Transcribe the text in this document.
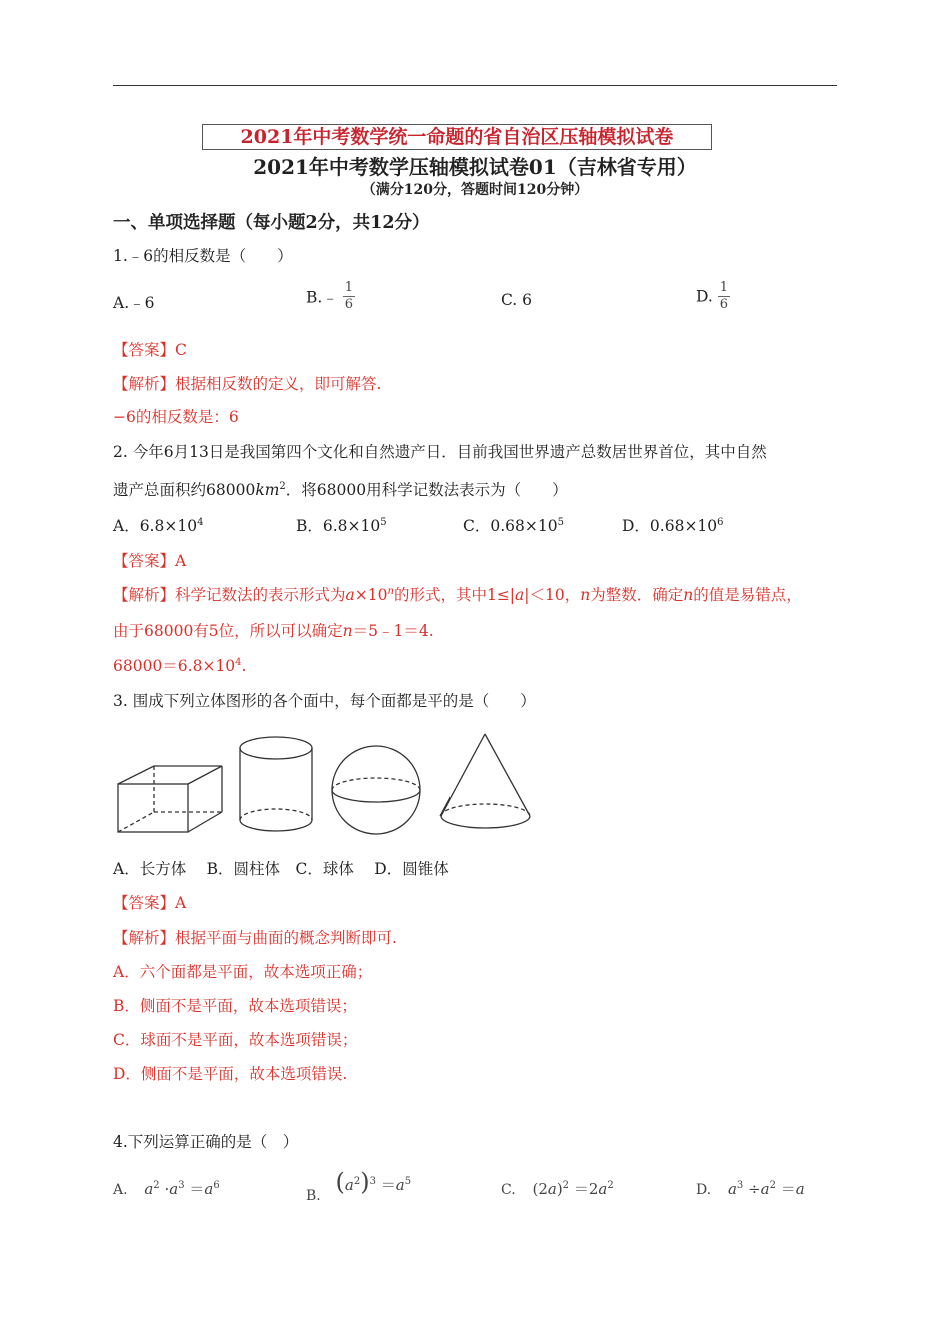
2021年中考数学统一命题的省自治区压轴模拟试卷
2021年中考数学压轴模拟试卷01（吉林省专用）
（满分120分，答题时间120分钟）
一、单项选择题（每小题2分，共12分）
1.﹣6的相反数是（　　）
A.﹣6	B.﹣ $\frac{1}{6}$	C. 6	D. $\frac{1}{6}$
【答案】C
【解析】根据相反数的定义，即可解答.
−6的相反数是：6
2. 今年6月13日是我国第四个文化和自然遗产日．目前我国世界遗产总数居世界首位，其中自然
遗产总面积约$68000km^2$．将68000用科学记数法表示为（　　）
A．$6.8\times 10^4$	B．$6.8\times 10^5$	C．$0.68\times 10^5$	D．$0.68\times 10^6$
【答案】A
【解析】科学记数法的表示形式为$a\times 10^n$的形式，其中1≤|a|＜10，n为整数．确定n的值是易错点，
由于68000有5位，所以可以确定n＝5﹣1＝4.
$68000=6.8\times 10^4$.
3. 围成下列立体图形的各个面中，每个面都是平的是（　　）
A．长方体　 B．圆柱体　C．球体　 D．圆锥体
【答案】A
【解析】根据平面与曲面的概念判断即可.
A．六个面都是平面，故本选项正确；
B．侧面不是平面，故本选项错误；
C．球面不是平面，故本选项错误；
D．侧面不是平面，故本选项错误.
4.下列运算正确的是（　）
A. $a^2 \cdot a^3 =a^6$
B. $(a^2)^3 =a^5$
C. $(2a)^2 =2a^2$	D. $a^3 \div a^2 =a$
